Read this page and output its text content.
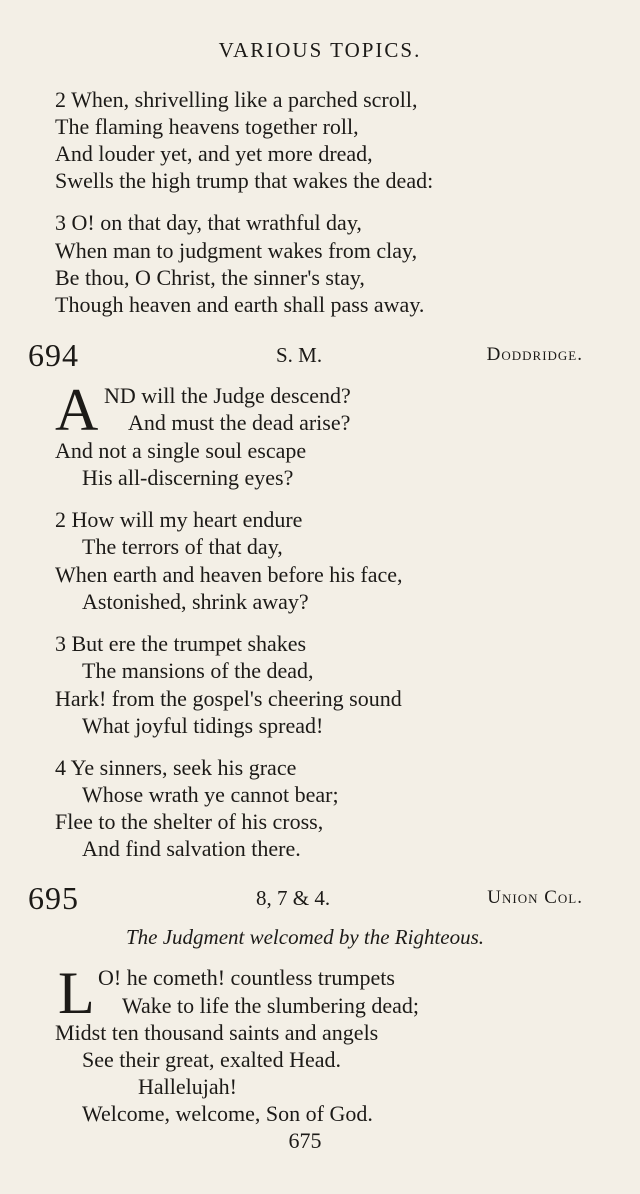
VARIOUS TOPICS.
2 When, shrivelling like a parched scroll,
The flaming heavens together roll,
And louder yet, and yet more dread,
Swells the high trump that wakes the dead:
3 O! on that day, that wrathful day,
When man to judgment wakes from clay,
Be thou, O Christ, the sinner's stay,
Though heaven and earth shall pass away.
694	S. M.	Doddridge.
A ND will the Judge descend?
And must the dead arise?
And not a single soul escape
His all-discerning eyes?
2 How will my heart endure
The terrors of that day,
When earth and heaven before his face,
Astonished, shrink away?
3 But ere the trumpet shakes
The mansions of the dead,
Hark! from the gospel's cheering sound
What joyful tidings spread!
4 Ye sinners, seek his grace
Whose wrath ye cannot bear;
Flee to the shelter of his cross,
And find salvation there.
695	8, 7 & 4.	Union Col.
The Judgment welcomed by the Righteous.
L O! he cometh! countless trumpets
Wake to life the slumbering dead;
Midst ten thousand saints and angels
See their great, exalted Head.
Hallelujah!
Welcome, welcome, Son of God.
675
